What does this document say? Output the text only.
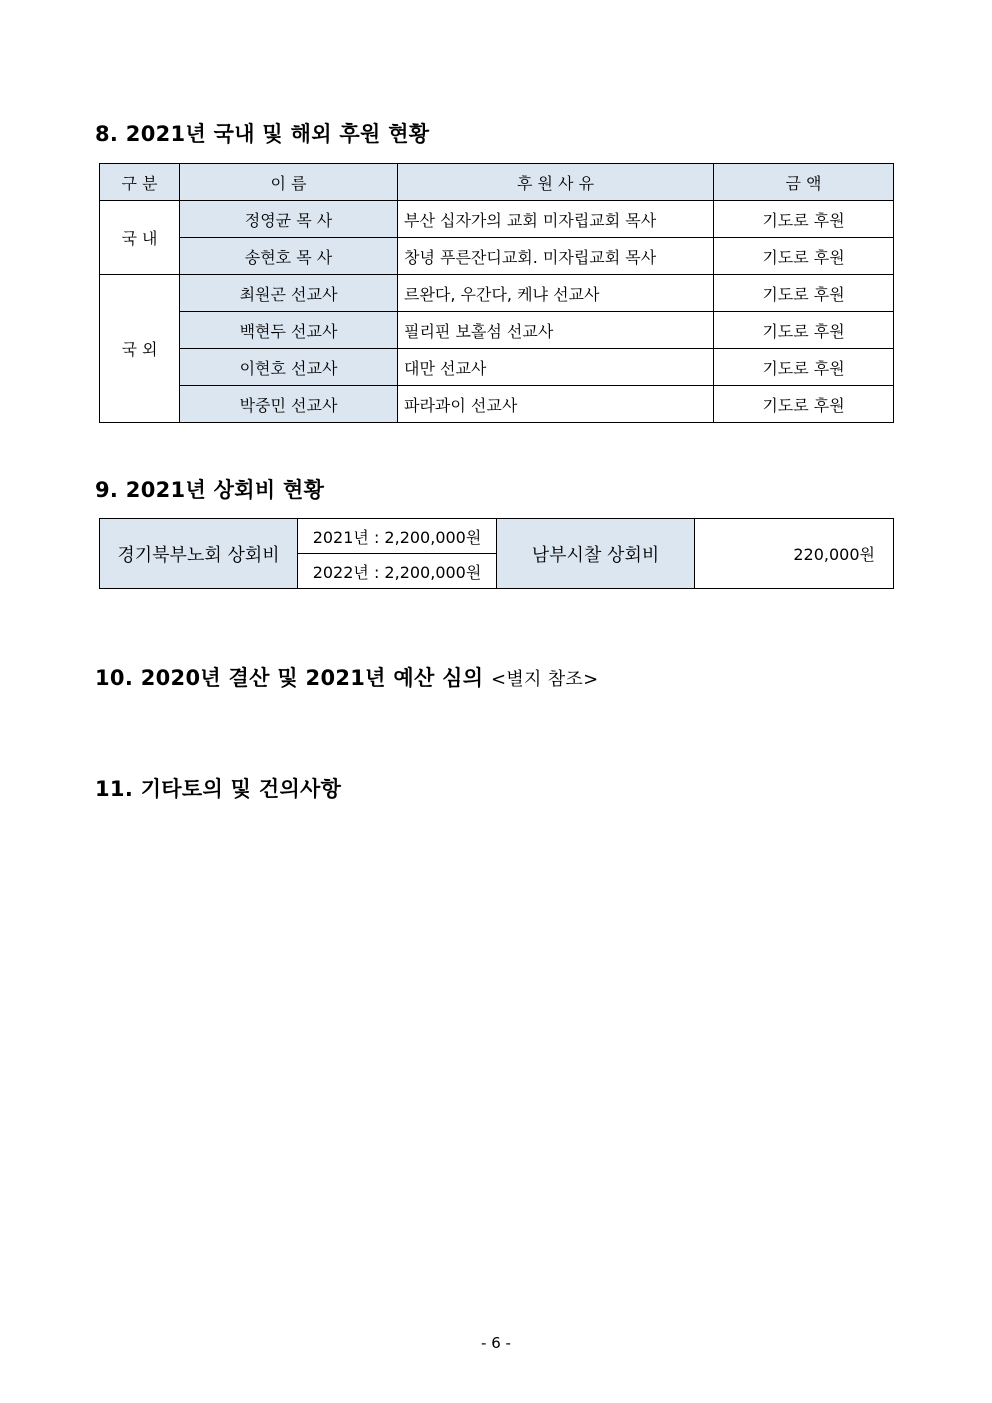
8. 2021년 국내 및 해외 후원 현황
구 분	이 름	후 원 사 유	금 액
국 내	정영균 목 사	부산 십자가의 교회 미자립교회 목사	기도로 후원
	송현호 목 사	창녕 푸른잔디교회. 미자립교회 목사	기도로 후원
국 외	최원곤 선교사	르완다, 우간다, 케냐 선교사	기도로 후원
	백현두 선교사	필리핀 보홀섬 선교사	기도로 후원
	이현호 선교사	대만 선교사	기도로 후원
	박중민 선교사	파라과이 선교사	기도로 후원
9. 2021년 상회비 현황
경기북부노회 상회비	2021년 : 2,200,000원	남부시찰 상회비	220,000원
2022년 : 2,200,000원
10. 2020년 결산 및 2021년 예산 심의 <별지 참조>
11. 기타토의 및 건의사항
- 6 -
